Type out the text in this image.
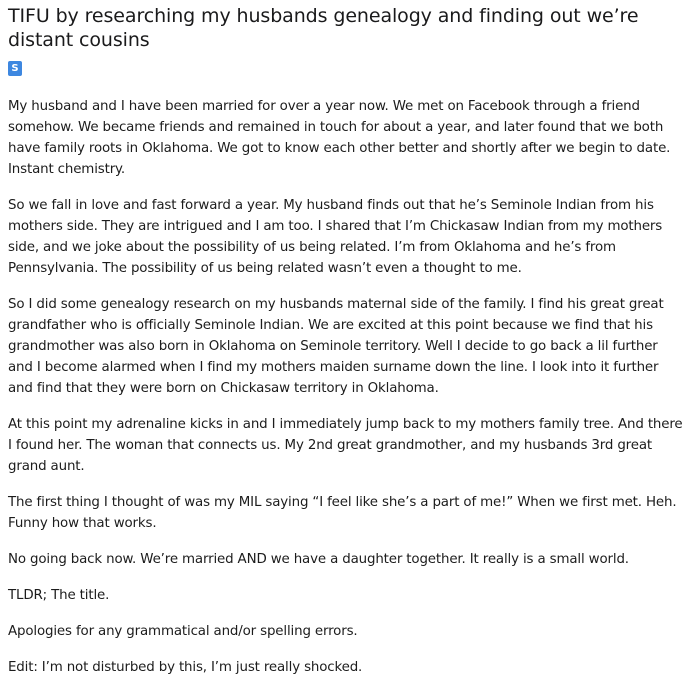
TIFU by researching my husbands genealogy and finding out we’re distant cousins
S

My husband and I have been married for over a year now. We met on Facebook through a friend somehow. We became friends and remained in touch for about a year, and later found that we both have family roots in Oklahoma. We got to know each other better and shortly after we begin to date. Instant chemistry.

So we fall in love and fast forward a year. My husband finds out that he’s Seminole Indian from his mothers side. They are intrigued and I am too. I shared that I’m Chickasaw Indian from my mothers side, and we joke about the possibility of us being related. I’m from Oklahoma and he’s from Pennsylvania. The possibility of us being related wasn’t even a thought to me.

So I did some genealogy research on my husbands maternal side of the family. I find his great great grandfather who is officially Seminole Indian. We are excited at this point because we find that his grandmother was also born in Oklahoma on Seminole territory. Well I decide to go back a lil further and I become alarmed when I find my mothers maiden surname down the line. I look into it further and find that they were born on Chickasaw territory in Oklahoma.

At this point my adrenaline kicks in and I immediately jump back to my mothers family tree. And there I found her. The woman that connects us. My 2nd great grandmother, and my husbands 3rd great grand aunt.

The first thing I thought of was my MIL saying “I feel like she’s a part of me!” When we first met. Heh. Funny how that works.

No going back now. We’re married AND we have a daughter together. It really is a small world.

TLDR; The title.

Apologies for any grammatical and/or spelling errors.

Edit: I’m not disturbed by this, I’m just really shocked.
